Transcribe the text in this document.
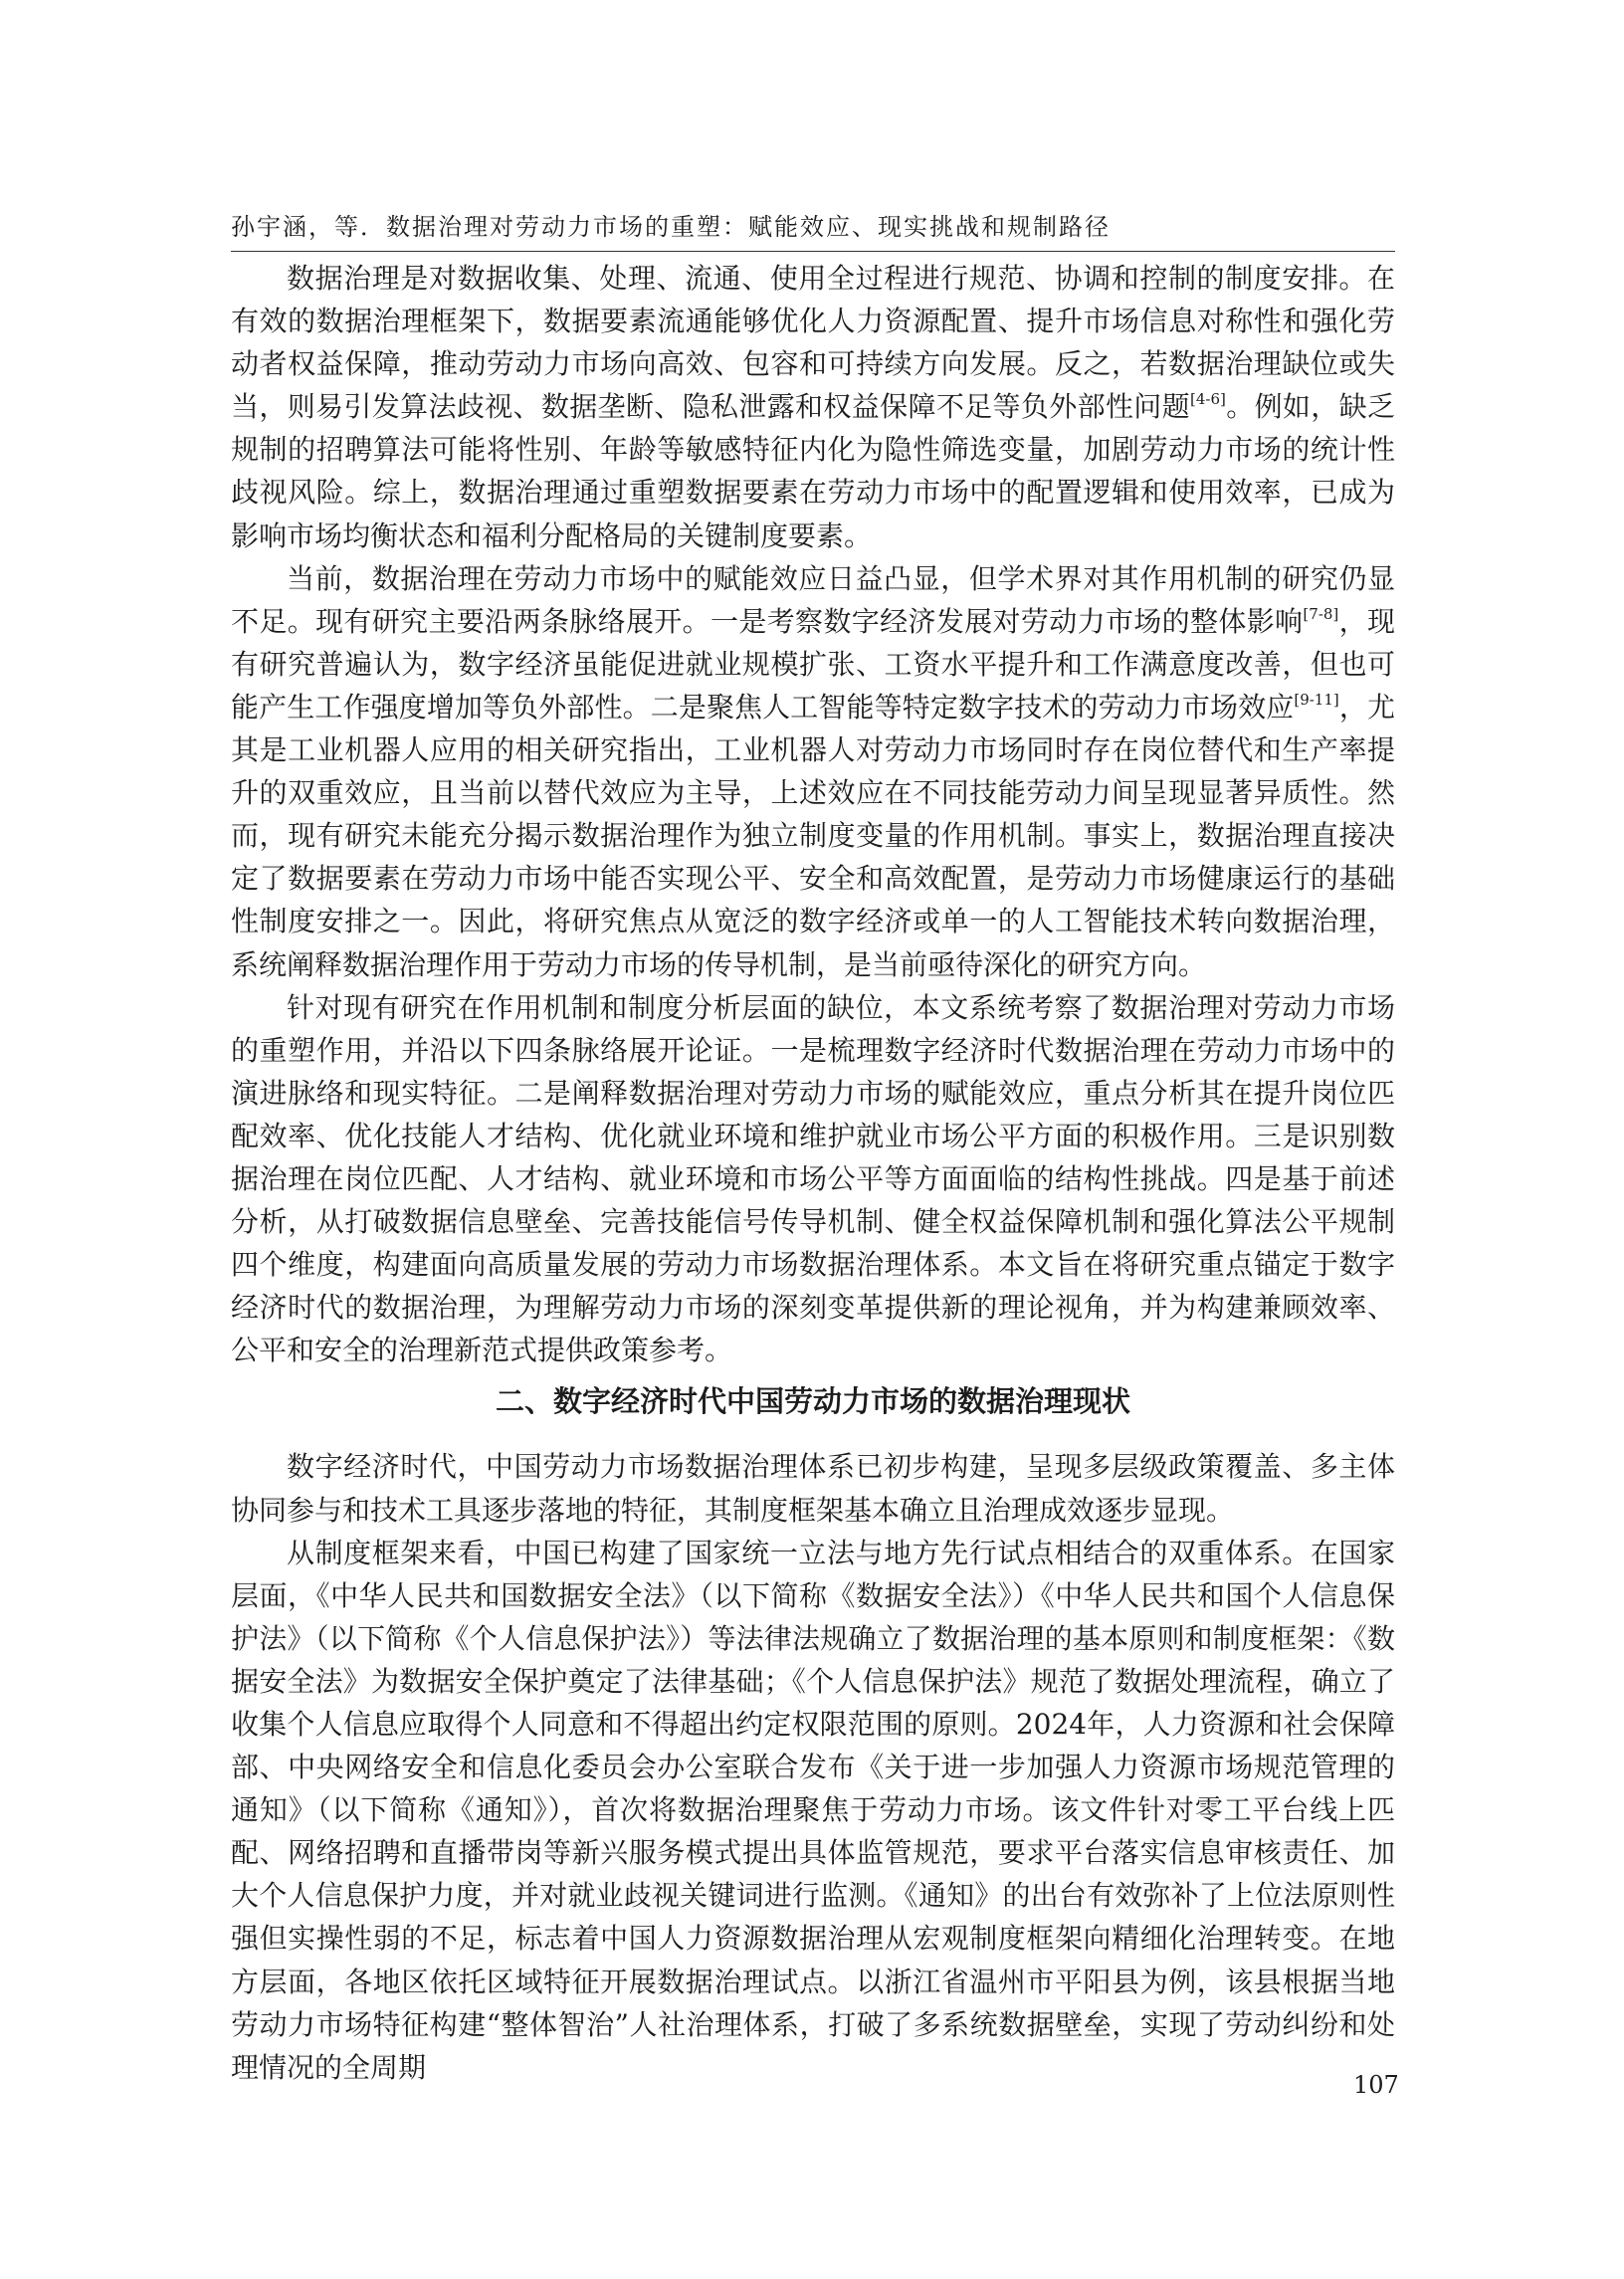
孙宇涵，等．数据治理对劳动力市场的重塑：赋能效应、现实挑战和规制路径

数据治理是对数据收集、处理、流通、使用全过程进行规范、协调和控制的制度安排。在有效的数据治理框架下，数据要素流通能够优化人力资源配置、提升市场信息对称性和强化劳动者权益保障，推动劳动力市场向高效、包容和可持续方向发展。反之，若数据治理缺位或失当，则易引发算法歧视、数据垄断、隐私泄露和权益保障不足等负外部性问题[4-6]。例如，缺乏规制的招聘算法可能将性别、年龄等敏感特征内化为隐性筛选变量，加剧劳动力市场的统计性歧视风险。综上，数据治理通过重塑数据要素在劳动力市场中的配置逻辑和使用效率，已成为影响市场均衡状态和福利分配格局的关键制度要素。

当前，数据治理在劳动力市场中的赋能效应日益凸显，但学术界对其作用机制的研究仍显不足。现有研究主要沿两条脉络展开。一是考察数字经济发展对劳动力市场的整体影响[7-8]，现有研究普遍认为，数字经济虽能促进就业规模扩张、工资水平提升和工作满意度改善，但也可能产生工作强度增加等负外部性。二是聚焦人工智能等特定数字技术的劳动力市场效应[9-11]，尤其是工业机器人应用的相关研究指出，工业机器人对劳动力市场同时存在岗位替代和生产率提升的双重效应，且当前以替代效应为主导，上述效应在不同技能劳动力间呈现显著异质性。然而，现有研究未能充分揭示数据治理作为独立制度变量的作用机制。事实上，数据治理直接决定了数据要素在劳动力市场中能否实现公平、安全和高效配置，是劳动力市场健康运行的基础性制度安排之一。因此，将研究焦点从宽泛的数字经济或单一的人工智能技术转向数据治理，系统阐释数据治理作用于劳动力市场的传导机制，是当前亟待深化的研究方向。

针对现有研究在作用机制和制度分析层面的缺位，本文系统考察了数据治理对劳动力市场的重塑作用，并沿以下四条脉络展开论证。一是梳理数字经济时代数据治理在劳动力市场中的演进脉络和现实特征。二是阐释数据治理对劳动力市场的赋能效应，重点分析其在提升岗位匹配效率、优化技能人才结构、优化就业环境和维护就业市场公平方面的积极作用。三是识别数据治理在岗位匹配、人才结构、就业环境和市场公平等方面面临的结构性挑战。四是基于前述分析，从打破数据信息壁垒、完善技能信号传导机制、健全权益保障机制和强化算法公平规制四个维度，构建面向高质量发展的劳动力市场数据治理体系。本文旨在将研究重点锚定于数字经济时代的数据治理，为理解劳动力市场的深刻变革提供新的理论视角，并为构建兼顾效率、公平和安全的治理新范式提供政策参考。

二、数字经济时代中国劳动力市场的数据治理现状

数字经济时代，中国劳动力市场数据治理体系已初步构建，呈现多层级政策覆盖、多主体协同参与和技术工具逐步落地的特征，其制度框架基本确立且治理成效逐步显现。

从制度框架来看，中国已构建了国家统一立法与地方先行试点相结合的双重体系。在国家层面，《中华人民共和国数据安全法》（以下简称《数据安全法》）《中华人民共和国个人信息保护法》（以下简称《个人信息保护法》）等法律法规确立了数据治理的基本原则和制度框架：《数据安全法》为数据安全保护奠定了法律基础；《个人信息保护法》规范了数据处理流程，确立了收集个人信息应取得个人同意和不得超出约定权限范围的原则。2024年，人力资源和社会保障部、中央网络安全和信息化委员会办公室联合发布《关于进一步加强人力资源市场规范管理的通知》（以下简称《通知》），首次将数据治理聚焦于劳动力市场。该文件针对零工平台线上匹配、网络招聘和直播带岗等新兴服务模式提出具体监管规范，要求平台落实信息审核责任、加大个人信息保护力度，并对就业歧视关键词进行监测。《通知》的出台有效弥补了上位法原则性强但实操性弱的不足，标志着中国人力资源数据治理从宏观制度框架向精细化治理转变。在地方层面，各地区依托区域特征开展数据治理试点。以浙江省温州市平阳县为例，该县根据当地劳动力市场特征构建“整体智治”人社治理体系，打破了多系统数据壁垒，实现了劳动纠纷和处理情况的全周期

107
